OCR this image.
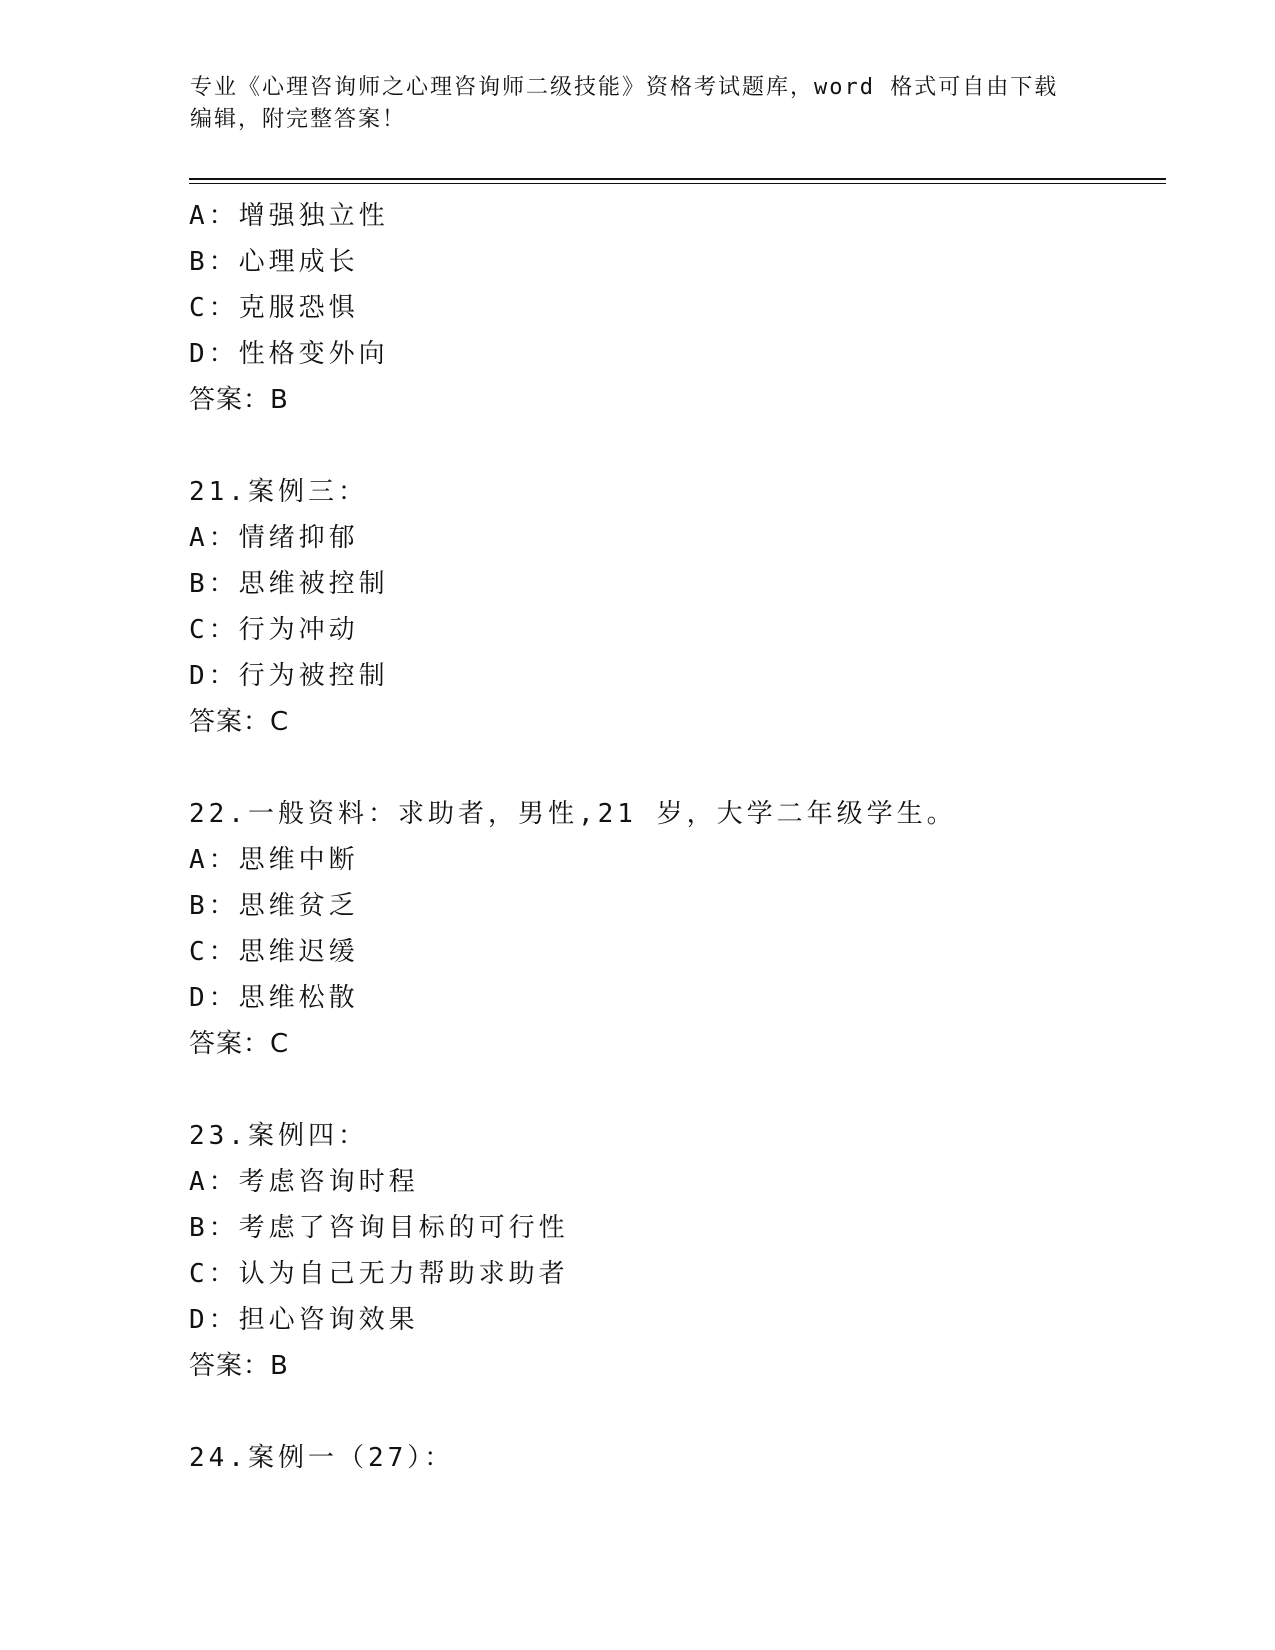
专业《心理咨询师之心理咨询师二级技能》资格考试题库，word 格式可自由下载
编辑，附完整答案！
A：增强独立性
B：心理成长
C：克服恐惧
D：性格变外向
答案：B
21.案例三：
A：情绪抑郁
B：思维被控制
C：行为冲动
D：行为被控制
答案：C
22.一般资料：求助者，男性,21 岁，大学二年级学生。
A：思维中断
B：思维贫乏
C：思维迟缓
D：思维松散
答案：C
23.案例四：
A：考虑咨询时程
B：考虑了咨询目标的可行性
C：认为自己无力帮助求助者
D：担心咨询效果
答案：B
24.案例一（27）：
